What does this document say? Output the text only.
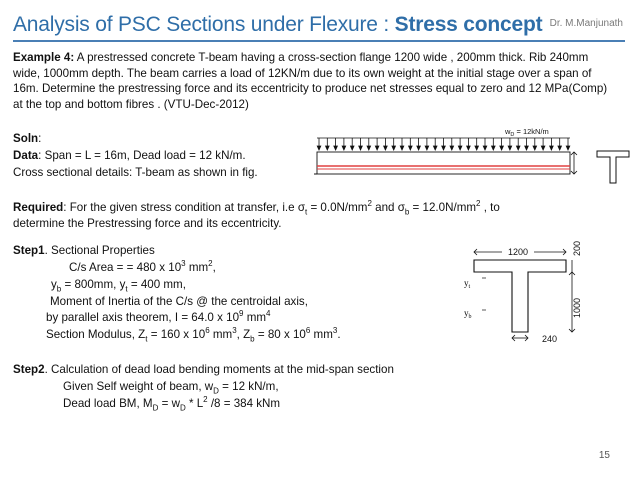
Analysis of PSC Sections under Flexure : Stress concept Dr. M.Manjunath
Example 4: A prestressed concrete T-beam having a cross-section flange 1200 wide , 200mm thick. Rib 240mm wide, 1000mm depth. The beam carries a load of 12KN/m due to its own weight at the initial stage over a span of 16m. Determine the prestressing force and its eccentricity to produce net stresses equal to zero and 12 MPa(Comp) at the top and bottom fibres . (VTU-Dec-2012)
Soln:
Data: Span = L = 16m, Dead load = 12 kN/m.
Cross sectional details: T-beam as shown in fig.
$w_D = 12kN/m$
Required: For the given stress condition at transfer, i.e $\sigma_t = 0.0N/mm^2$ and $\sigma_b = 12.0N/mm^2$ , to
determine the Prestressing force and its eccentricity.
Step1. Sectional Properties
C/s Area = = 480 x $10^3$ $mm^2$,
$y_b = 800mm$, $y_t = 400$ mm,
Moment of Inertia of the C/s @ the centroidal axis,
by parallel axis theorem, I = 64.0 x $10^9$ $mm^4$
Section Modulus, $Z_t = 160$ x $10^6$ $mm^3$, $Z_b = 80$ x $10^6$ $mm^3$.
1200	200
1000
240
$y_t$
$y_b$
Step2. Calculation of dead load bending moments at the mid-span section
Given Self weight of beam, $w_D = 12$ kN/m,
Dead load BM, $M_D = w_D * L^2$ /8 = 384 kNm
15
